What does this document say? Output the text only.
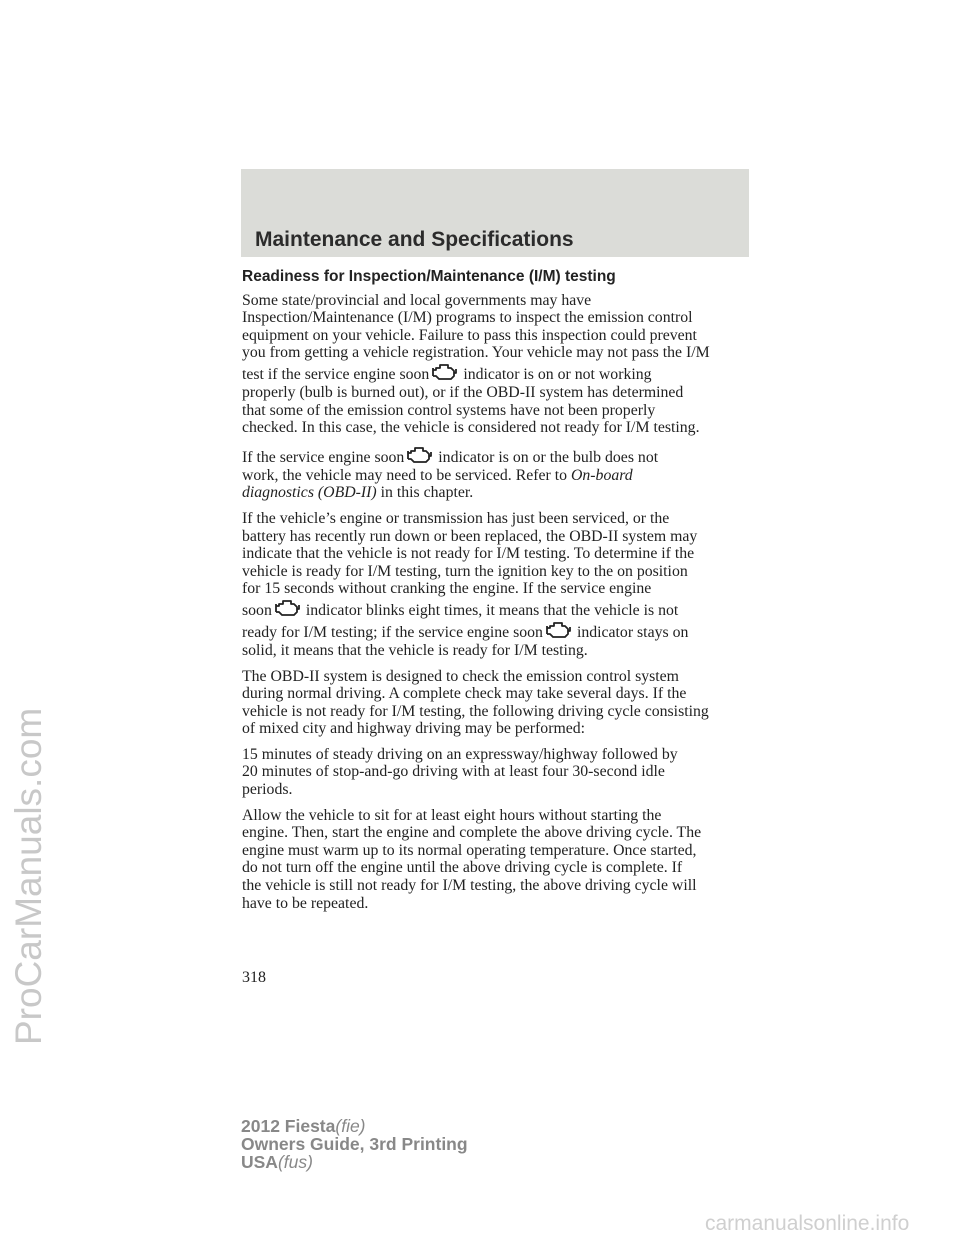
ProCarManuals.com
Maintenance and Specifications
Readiness for Inspection/Maintenance (I/M) testing
Some state/provincial and local governments may have
Inspection/Maintenance (I/M) programs to inspect the emission control
equipment on your vehicle. Failure to pass this inspection could prevent
you from getting a vehicle registration. Your vehicle may not pass the I/M
test if the service engine soon indicator is on or not working
properly (bulb is burned out), or if the OBD-II system has determined
that some of the emission control systems have not been properly
checked. In this case, the vehicle is considered not ready for I/M testing.
If the service engine soon indicator is on or the bulb does not
work, the vehicle may need to be serviced. Refer to On-board
diagnostics (OBD-II) in this chapter.
If the vehicle’s engine or transmission has just been serviced, or the
battery has recently run down or been replaced, the OBD-II system may
indicate that the vehicle is not ready for I/M testing. To determine if the
vehicle is ready for I/M testing, turn the ignition key to the on position
for 15 seconds without cranking the engine. If the service engine
soon indicator blinks eight times, it means that the vehicle is not
ready for I/M testing; if the service engine soon indicator stays on
solid, it means that the vehicle is ready for I/M testing.
The OBD-II system is designed to check the emission control system
during normal driving. A complete check may take several days. If the
vehicle is not ready for I/M testing, the following driving cycle consisting
of mixed city and highway driving may be performed:
15 minutes of steady driving on an expressway/highway followed by
20 minutes of stop-and-go driving with at least four 30-second idle
periods.
Allow the vehicle to sit for at least eight hours without starting the
engine. Then, start the engine and complete the above driving cycle. The
engine must warm up to its normal operating temperature. Once started,
do not turn off the engine until the above driving cycle is complete. If
the vehicle is still not ready for I/M testing, the above driving cycle will
have to be repeated.
318
2012 Fiesta(fie)
Owners Guide, 3rd Printing
USA(fus)
carmanualsonline.info
